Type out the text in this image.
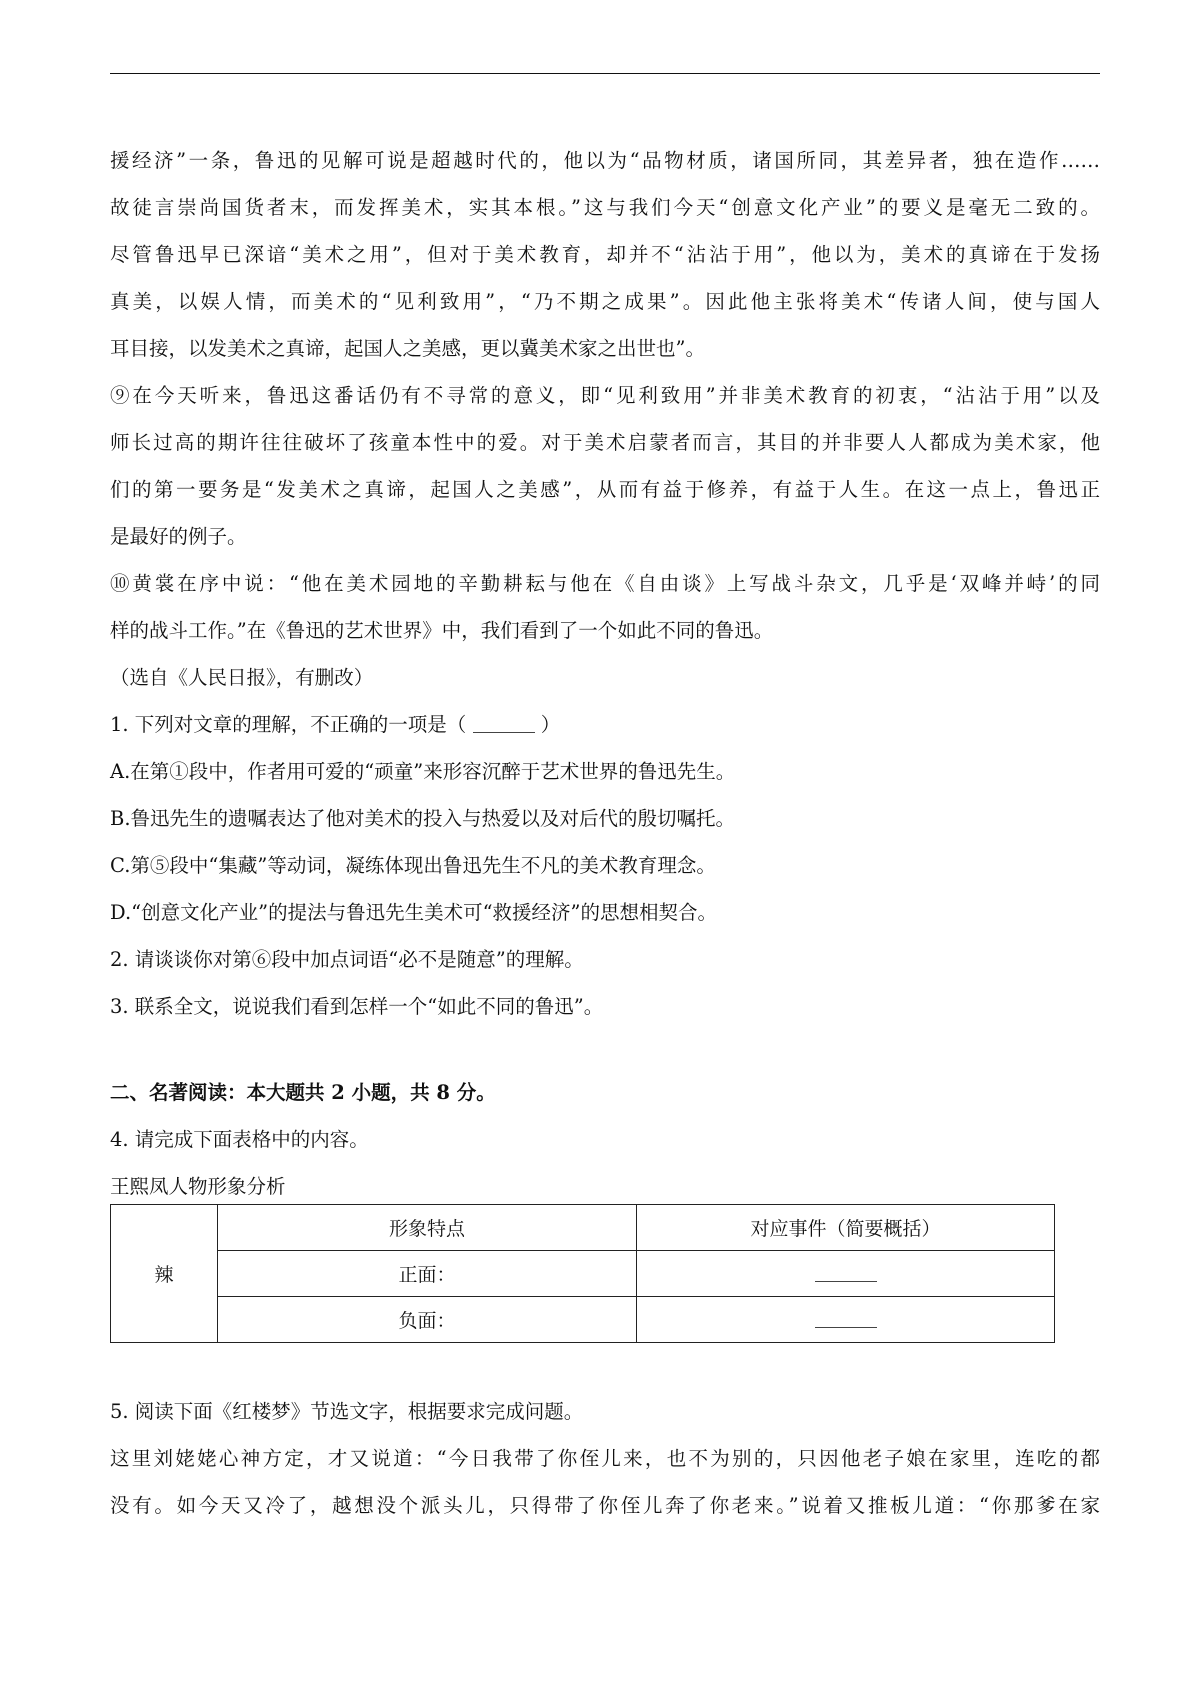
援经济”一条，鲁迅的见解可说是超越时代的，他以为“品物材质，诸国所同，其差异者，独在造作……

故徒言崇尚国货者末，而发挥美术，实其本根。”这与我们今天“创意文化产业”的要义是毫无二致的。

尽管鲁迅早已深谙“美术之用”，但对于美术教育，却并不“沾沾于用”，他以为，美术的真谛在于发扬

真美，以娱人情，而美术的“见利致用”，“乃不期之成果”。因此他主张将美术“传诸人间，使与国人

耳目接，以发美术之真谛，起国人之美感，更以冀美术家之出世也”。

⑨在今天听来，鲁迅这番话仍有不寻常的意义，即“见利致用”并非美术教育的初衷，“沾沾于用”以及

师长过高的期许往往破坏了孩童本性中的爱。对于美术启蒙者而言，其目的并非要人人都成为美术家，他

们的第一要务是“发美术之真谛，起国人之美感”，从而有益于修养，有益于人生。在这一点上，鲁迅正

是最好的例子。

⑩黄裳在序中说：“他在美术园地的辛勤耕耘与他在《自由谈》上写战斗杂文，几乎是‘双峰并峙’的同

样的战斗工作。”在《鲁迅的艺术世界》中，我们看到了一个如此不同的鲁迅。

（选自《人民日报》，有删改）

1. 下列对文章的理解，不正确的一项是（	）

A.在第①段中，作者用可爱的“顽童”来形容沉醉于艺术世界的鲁迅先生。

B.鲁迅先生的遗嘱表达了他对美术的投入与热爱以及对后代的殷切嘱托。

C.第⑤段中“集藏”等动词，凝练体现出鲁迅先生不凡的美术教育理念。

D.“创意文化产业”的提法与鲁迅先生美术可“救援经济”的思想相契合。

2. 请谈谈你对第⑥段中加点词语“必不是随意”的理解。

3. 联系全文，说说我们看到怎样一个“如此不同的鲁迅”。

二、名著阅读：本大题共 2 小题，共 8 分。

4. 请完成下面表格中的内容。

王熙凤人物形象分析

辣	形象特点	对应事件（简要概括）
	正面：	
	负面：	

5. 阅读下面《红楼梦》节选文字，根据要求完成问题。

这里刘姥姥心神方定，才又说道：“今日我带了你侄儿来，也不为别的，只因他老子娘在家里，连吃的都

没有。如今天又冷了，越想没个派头儿，只得带了你侄儿奔了你老来。”说着又推板儿道：“你那爹在家
